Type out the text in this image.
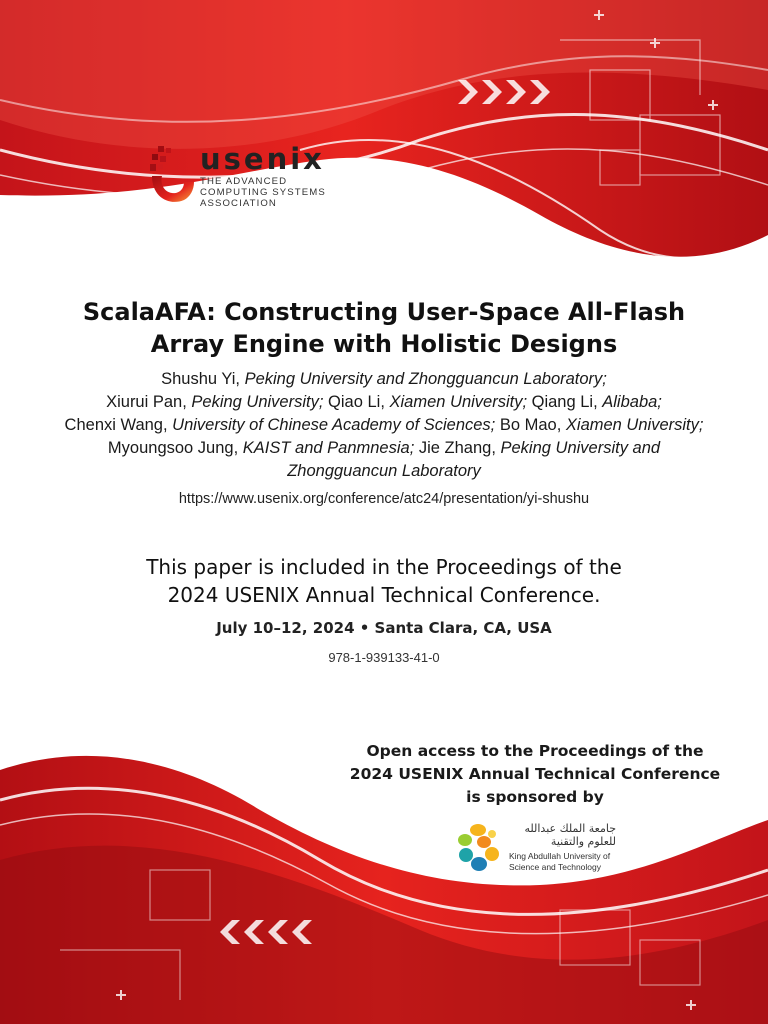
usenix
THE ADVANCED
COMPUTING SYSTEMS
ASSOCIATION
ScalaAFA: Constructing User-Space All-Flash
Array Engine with Holistic Designs
Shushu Yi, Peking University and Zhongguancun Laboratory;
Xiurui Pan, Peking University; Qiao Li, Xiamen University; Qiang Li, Alibaba;
Chenxi Wang, University of Chinese Academy of Sciences; Bo Mao, Xiamen University;
Myoungsoo Jung, KAIST and Panmnesia; Jie Zhang, Peking University and
Zhongguancun Laboratory
https://www.usenix.org/conference/atc24/presentation/yi-shushu
This paper is included in the Proceedings of the
2024 USENIX Annual Technical Conference.
July 10–12, 2024 • Santa Clara, CA, USA
978-1-939133-41-0
Open access to the Proceedings of the
2024 USENIX Annual Technical Conference
is sponsored by
جامعة الملك عبدالله
للعلوم والتقنية
King Abdullah University of
Science and Technology
